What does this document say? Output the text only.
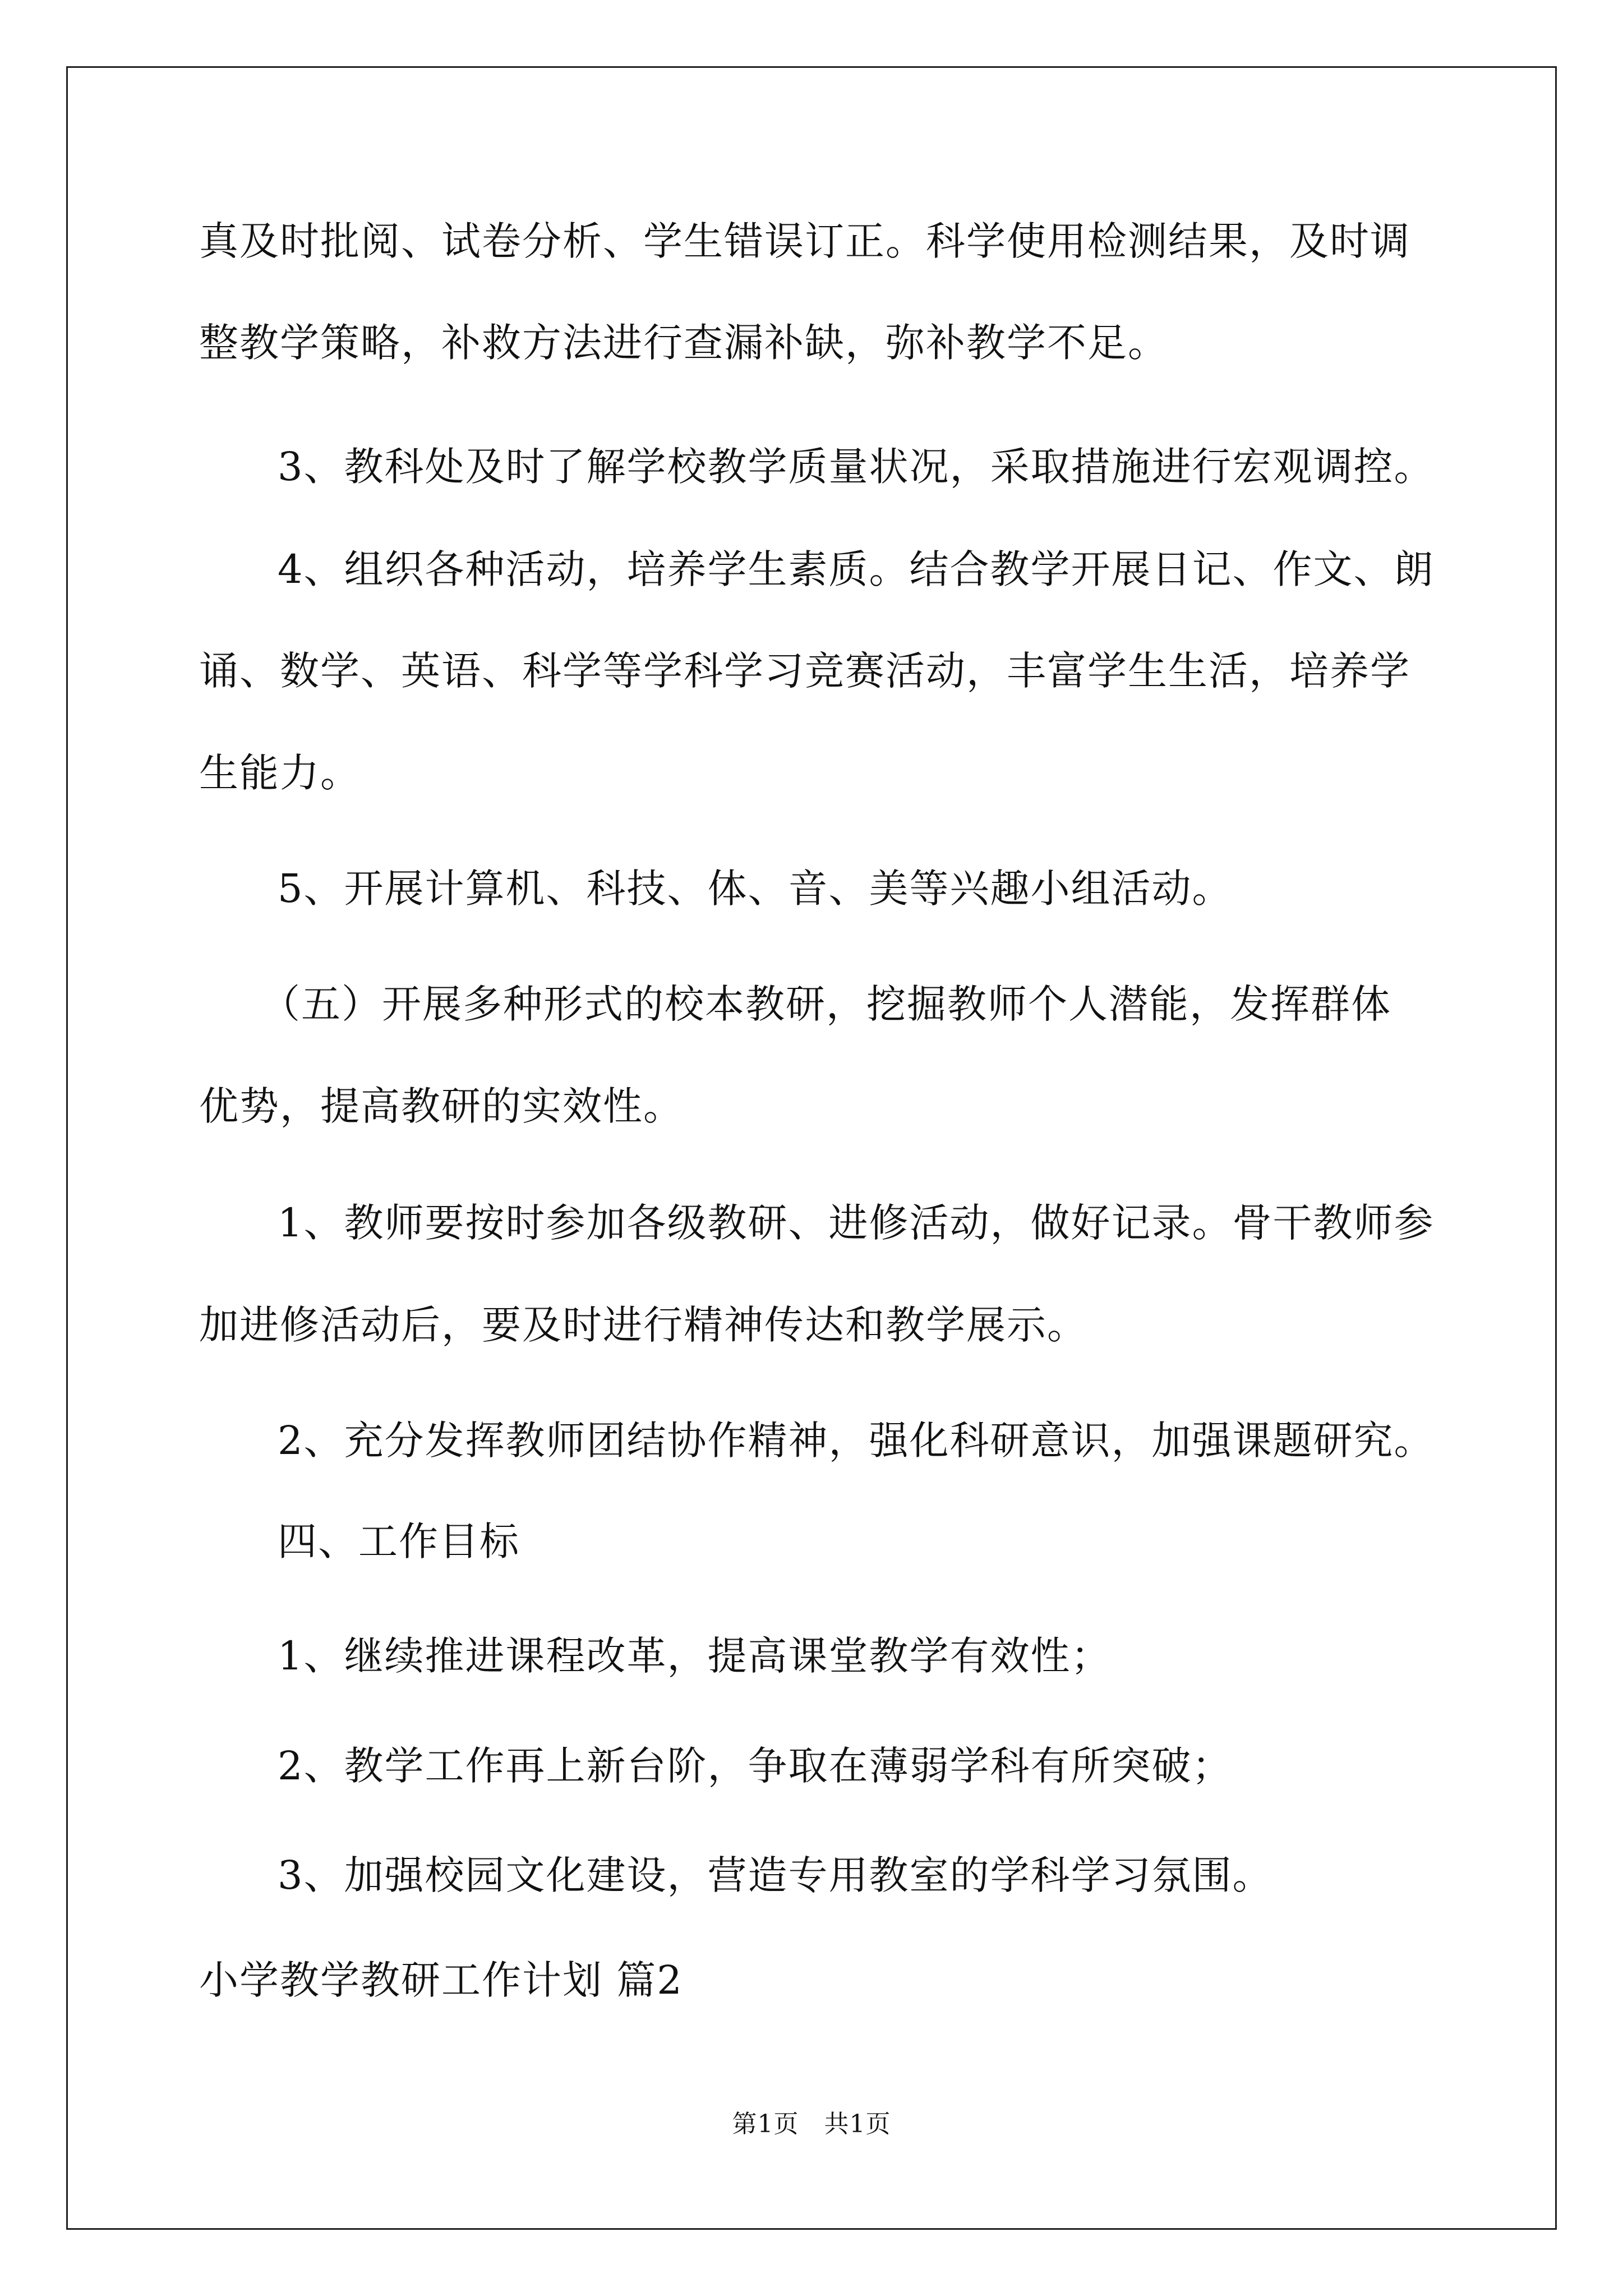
真及时批阅、试卷分析、学生错误订正。科学使用检测结果，及时调
整教学策略，补救方法进行查漏补缺，弥补教学不足。
3、教科处及时了解学校教学质量状况，采取措施进行宏观调控。
4、组织各种活动，培养学生素质。结合教学开展日记、作文、朗
诵、数学、英语、科学等学科学习竞赛活动，丰富学生生活，培养学
生能力。
5、开展计算机、科技、体、音、美等兴趣小组活动。
（五）开展多种形式的校本教研，挖掘教师个人潜能，发挥群体
优势，提高教研的实效性。
1、教师要按时参加各级教研、进修活动，做好记录。骨干教师参
加进修活动后，要及时进行精神传达和教学展示。
2、充分发挥教师团结协作精神，强化科研意识，加强课题研究。
四、工作目标
1、继续推进课程改革，提高课堂教学有效性；
2、教学工作再上新台阶，争取在薄弱学科有所突破；
3、加强校园文化建设，营造专用教室的学科学习氛围。
小学教学教研工作计划 篇2
第1页　共1页
